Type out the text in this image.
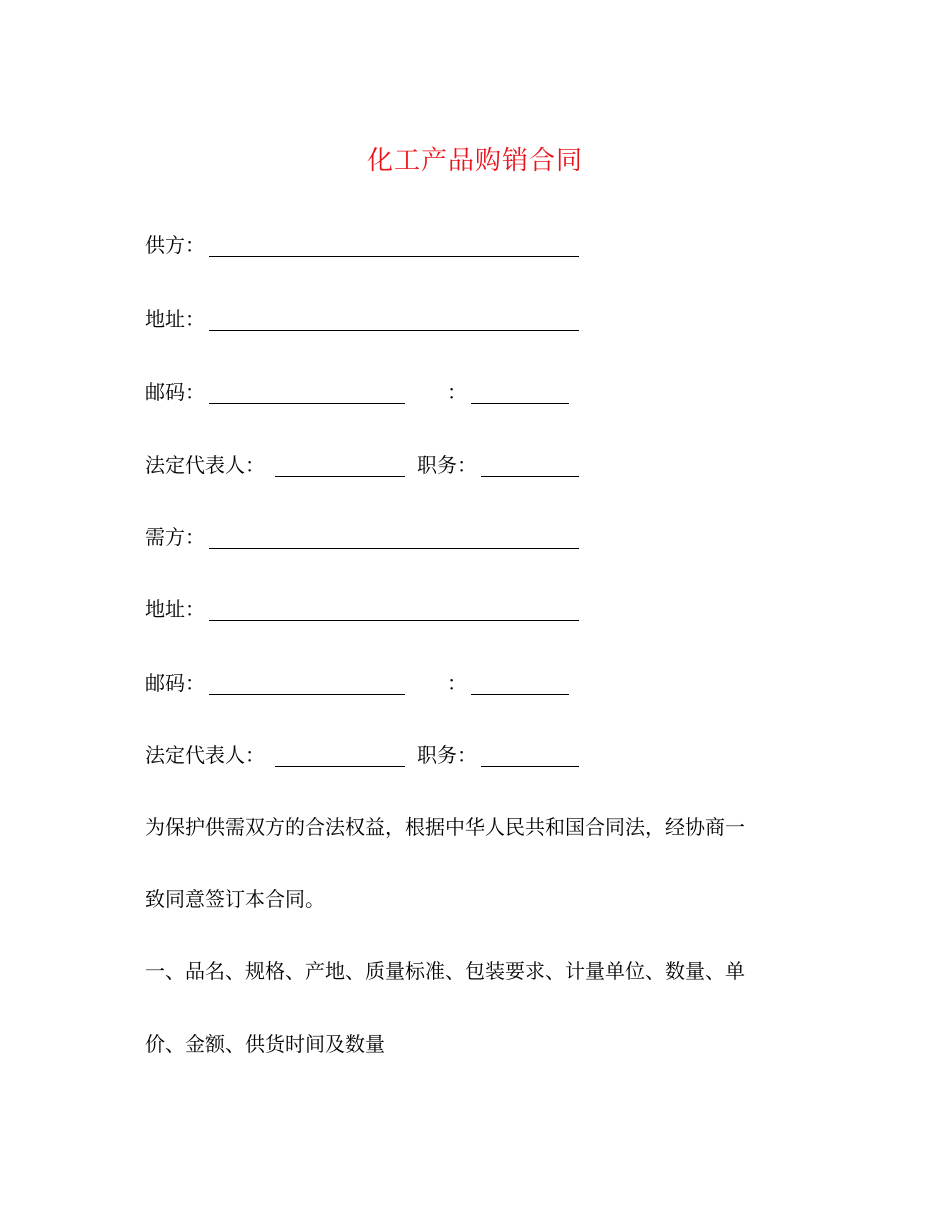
化工产品购销合同
供方：
地址：
邮码：	：
法定代表人：	职务：
需方：
地址：
邮码：	：
法定代表人：	职务：
为保护供需双方的合法权益，根据中华人民共和国合同法，经协商一
致同意签订本合同。
一、品名、规格、产地、质量标准、包装要求、计量单位、数量、单
价、金额、供货时间及数量
